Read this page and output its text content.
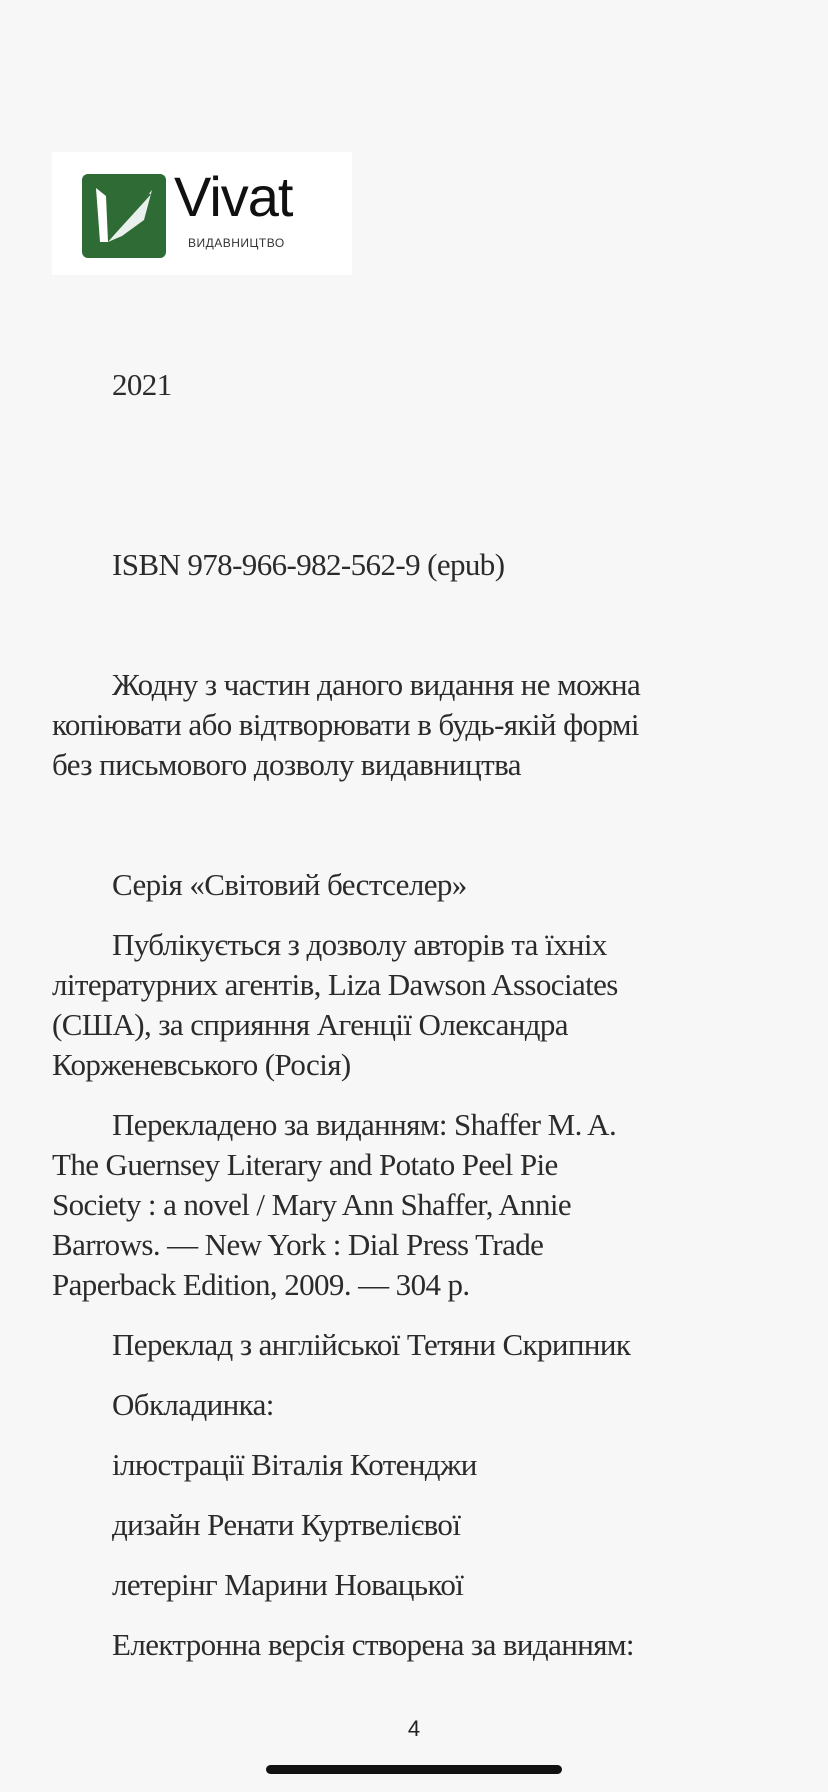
Vivat
ВИДАВНИЦТВО
2021
ISBN 978-966-982-562-9 (epub)
Жодну з частин даного видання не можна
копіювати або відтворювати в будь-якій формі
без письмового дозволу видавництва
Серія «Світовий бестселер»
Публікується з дозволу авторів та їхніх
літературних агентів, Liza Dawson Associates
(США), за сприяння Агенції Олександра
Корженевського (Росія)
Перекладено за виданням: Shaffer M. A.
The Guernsey Literary and Potato Peel Pie
Society : a novel / Mary Ann Shaffer, Annie
Barrows. — New York : Dial Press Trade
Paperback Edition, 2009. — 304 p.
Переклад з англійської Тетяни Скрипник
Обкладинка:
ілюстрації Віталія Котенджи
дизайн Ренати Куртвелієвої
летерінг Марини Новацької
Електронна версія створена за виданням:
4
